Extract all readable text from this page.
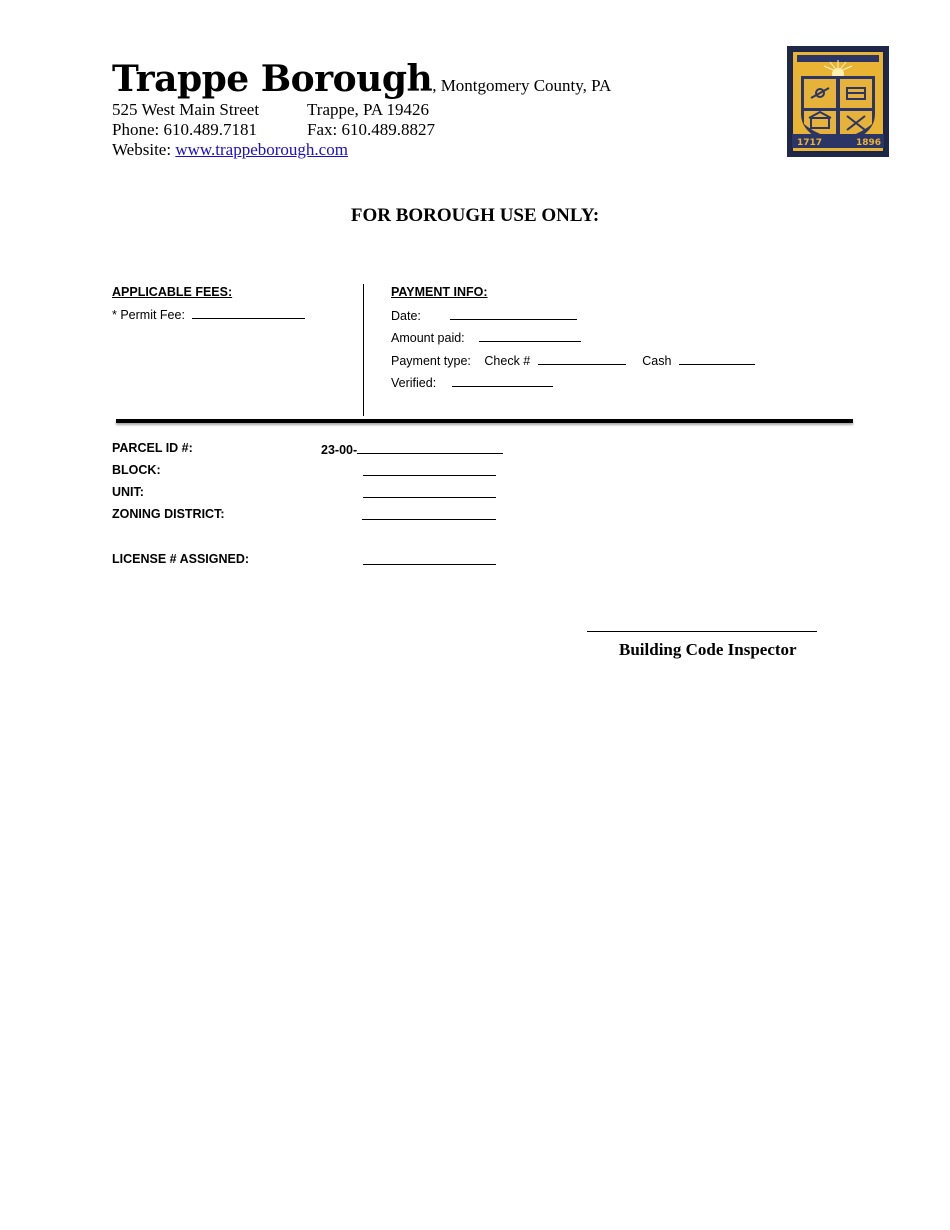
Trappe Borough, Montgomery County, PA
525 West Main Street	Trappe, PA 19426
Phone: 610.489.7181	Fax: 610.489.8827
Website: www.trappeborough.com	1717	1896
FOR BOROUGH USE ONLY:
APPLICABLE FEES:
* Permit Fee:
PAYMENT INFO:
Date:
Amount paid:
Payment type: Check #	Cash
Verified:
PARCEL ID #:	23-00-
BLOCK:
UNIT:
ZONING DISTRICT:
LICENSE # ASSIGNED:
Building Code Inspector
